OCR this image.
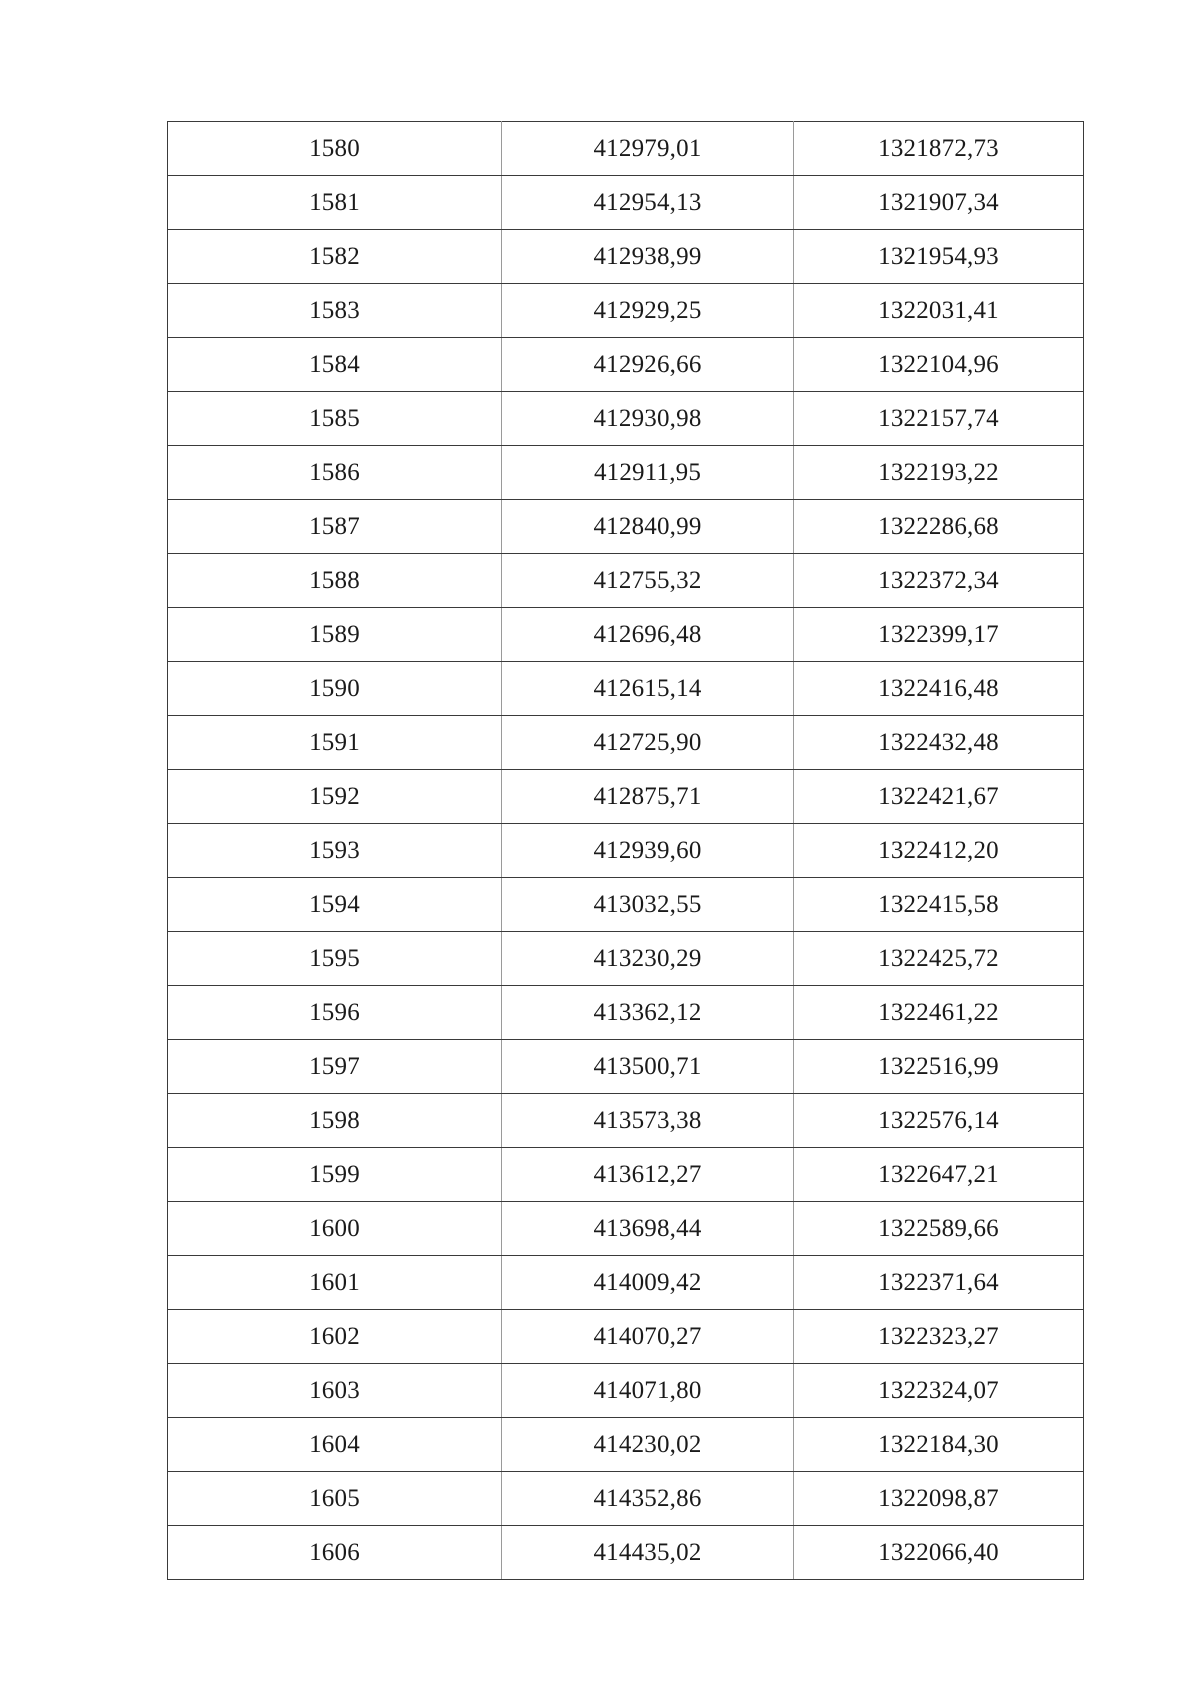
1580	412979,01	1321872,73
1581	412954,13	1321907,34
1582	412938,99	1321954,93
1583	412929,25	1322031,41
1584	412926,66	1322104,96
1585	412930,98	1322157,74
1586	412911,95	1322193,22
1587	412840,99	1322286,68
1588	412755,32	1322372,34
1589	412696,48	1322399,17
1590	412615,14	1322416,48
1591	412725,90	1322432,48
1592	412875,71	1322421,67
1593	412939,60	1322412,20
1594	413032,55	1322415,58
1595	413230,29	1322425,72
1596	413362,12	1322461,22
1597	413500,71	1322516,99
1598	413573,38	1322576,14
1599	413612,27	1322647,21
1600	413698,44	1322589,66
1601	414009,42	1322371,64
1602	414070,27	1322323,27
1603	414071,80	1322324,07
1604	414230,02	1322184,30
1605	414352,86	1322098,87
1606	414435,02	1322066,40
